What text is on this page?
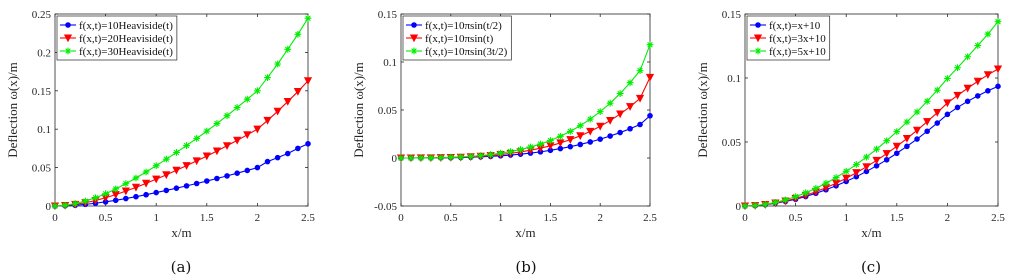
0	0.5	1	1.5	2	2.5
0
0.05
0.1
0.15
0.2
0.25
x/m
Deflection ω(x)/m
(a)
f(x,t)=10Heaviside(t)
f(x,t)=20Heaviside(t)
f(x,t)=30Heaviside(t)
0	0.5	1	1.5	2	2.5
-0.05
0
0.05
0.1
0.15
x/m
Deflection ω(x)/m
(b)
f(x,t)=10πsin(t/2)
f(x,t)=10πsin(t)
f(x,t)=10πsin(3t/2)
0	0.5	1	1.5	2	2.5
0
0.05
0.1
0.15
x/m
Deflection ω(x)/m
(c)
f(x,t)=x+10
f(x,t)=3x+10
f(x,t)=5x+10
